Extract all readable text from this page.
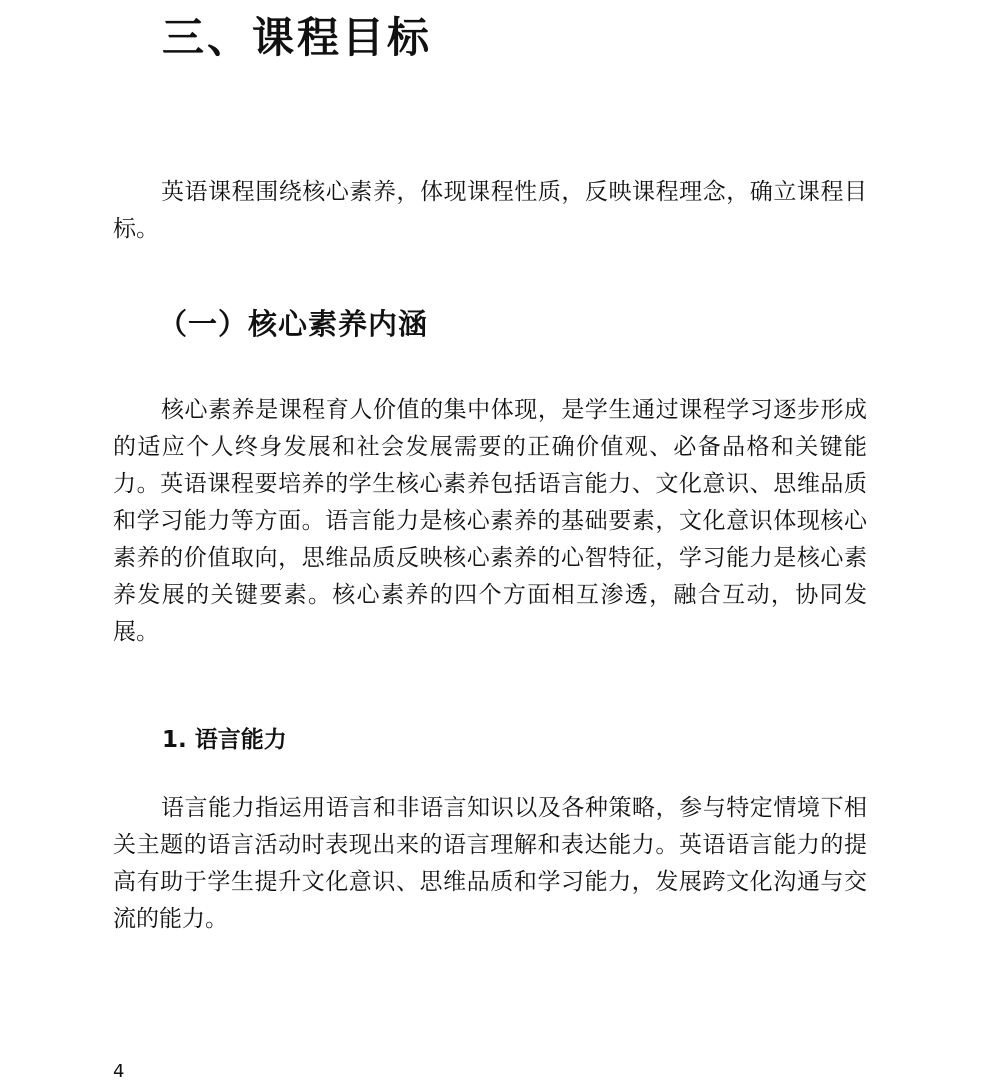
三、课程目标

英语课程围绕核心素养，体现课程性质，反映课程理念，确立课程目标。

（一）核心素养内涵

核心素养是课程育人价值的集中体现，是学生通过课程学习逐步形成的适应个人终身发展和社会发展需要的正确价值观、必备品格和关键能力。英语课程要培养的学生核心素养包括语言能力、文化意识、思维品质和学习能力等方面。语言能力是核心素养的基础要素，文化意识体现核心素养的价值取向，思维品质反映核心素养的心智特征，学习能力是核心素养发展的关键要素。核心素养的四个方面相互渗透，融合互动，协同发展。

1. 语言能力

语言能力指运用语言和非语言知识以及各种策略，参与特定情境下相关主题的语言活动时表现出来的语言理解和表达能力。英语语言能力的提高有助于学生提升文化意识、思维品质和学习能力，发展跨文化沟通与交流的能力。

4
